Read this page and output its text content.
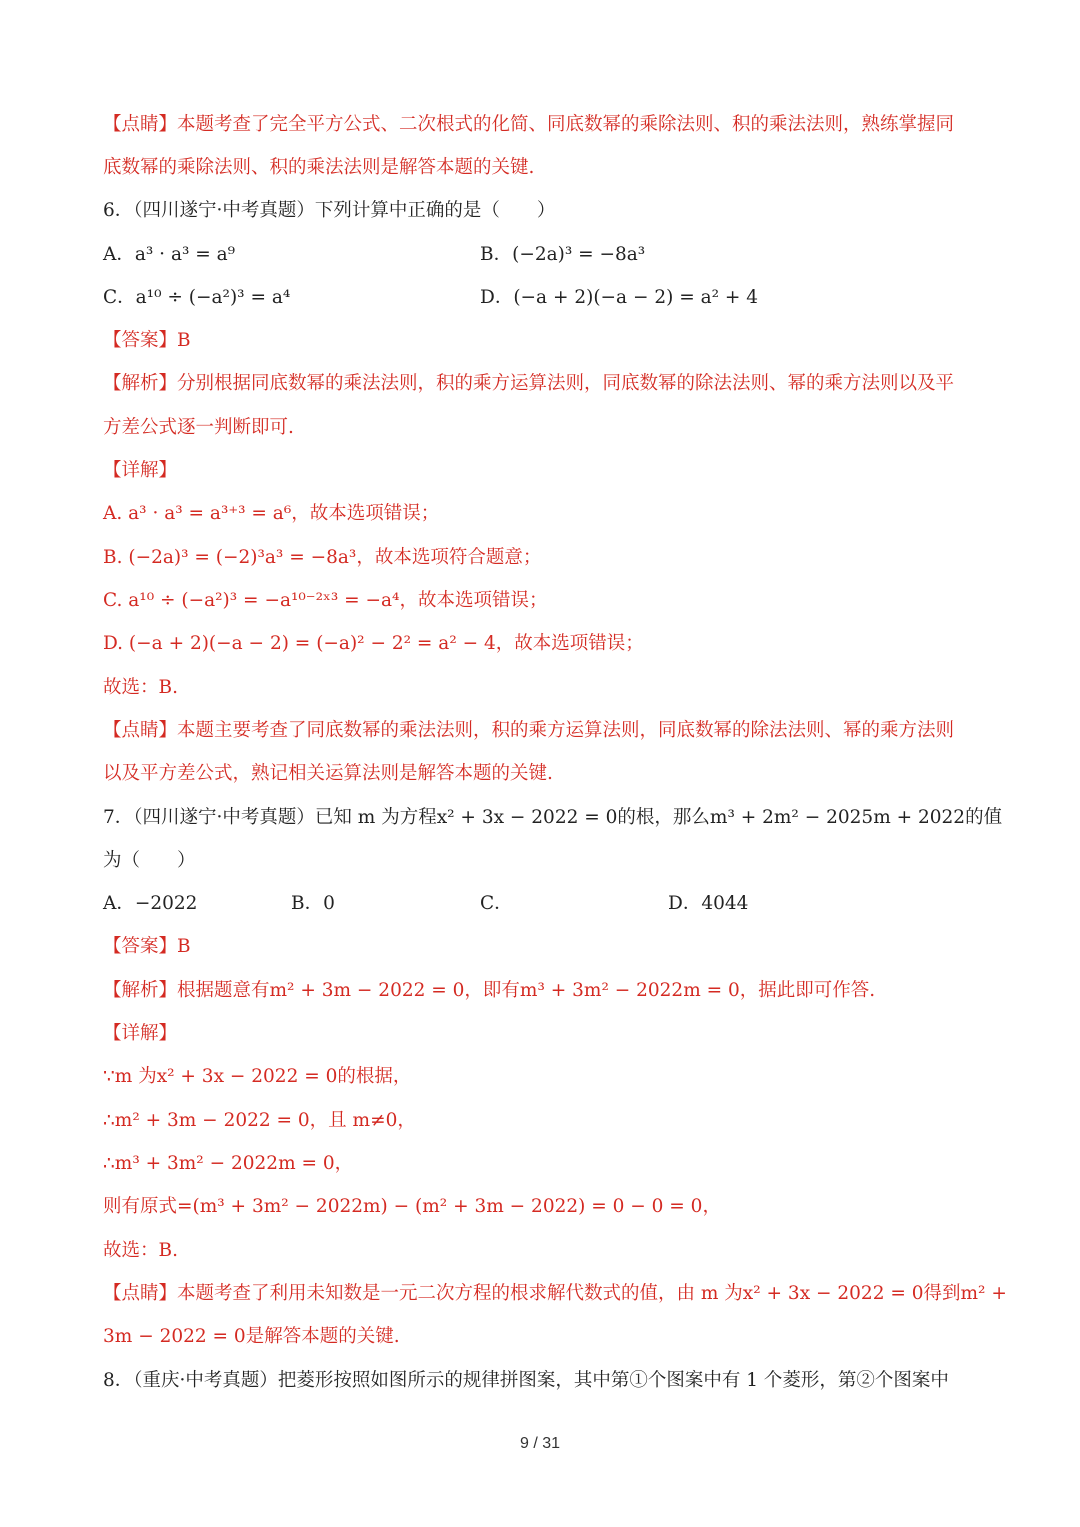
【点睛】本题考查了完全平方公式、二次根式的化简、同底数幂的乘除法则、积的乘法法则，熟练掌握同
底数幂的乘除法则、积的乘法法则是解答本题的关键.
6．（四川遂宁·中考真题）下列计算中正确的是（　　）
A．a³ · a³ = a⁹	B．(−2a)³ = −8a³
C．a¹⁰ ÷ (−a²)³ = a⁴	D．(−a + 2)(−a − 2) = a² + 4
【答案】B
【解析】分别根据同底数幂的乘法法则，积的乘方运算法则，同底数幂的除法法则、幂的乘方法则以及平
方差公式逐一判断即可.
【详解】
A. a³ · a³ = a³⁺³ = a⁶，故本选项错误；
B. (−2a)³ = (−2)³a³ = −8a³，故本选项符合题意；
C. a¹⁰ ÷ (−a²)³ = −a¹⁰⁻²ˣ³ = −a⁴，故本选项错误；
D. (−a + 2)(−a − 2) = (−a)² − 2² = a² − 4，故本选项错误；
故选：B.
【点睛】本题主要考查了同底数幂的乘法法则，积的乘方运算法则，同底数幂的除法法则、幂的乘方法则
以及平方差公式，熟记相关运算法则是解答本题的关键.
7．（四川遂宁·中考真题）已知 m 为方程x² + 3x − 2022 = 0的根，那么m³ + 2m² − 2025m + 2022的值
为（　　）
A．−2022	B．0	C．	D．4044
【答案】B
【解析】根据题意有m² + 3m − 2022 = 0，即有m³ + 3m² − 2022m = 0，据此即可作答.
【详解】
∵m 为x² + 3x − 2022 = 0的根据，
∴m² + 3m − 2022 = 0，且 m≠0，
∴m³ + 3m² − 2022m = 0，
则有原式=(m³ + 3m² − 2022m) − (m² + 3m − 2022) = 0 − 0 = 0，
故选：B.
【点睛】本题考查了利用未知数是一元二次方程的根求解代数式的值，由 m 为x² + 3x − 2022 = 0得到m² +
3m − 2022 = 0是解答本题的关键.
8．（重庆·中考真题）把菱形按照如图所示的规律拼图案，其中第①个图案中有 1 个菱形，第②个图案中
9 / 31
